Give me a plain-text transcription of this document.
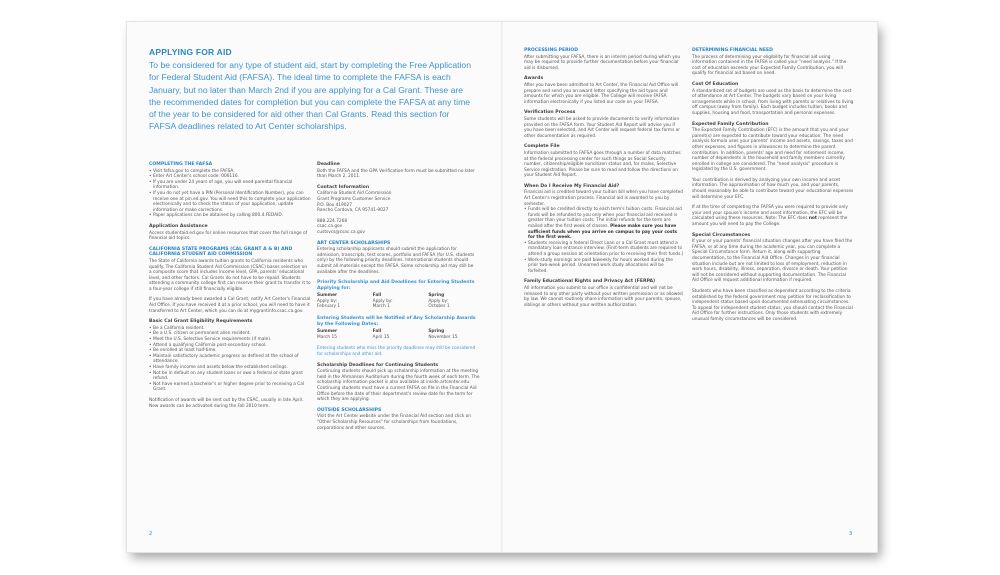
APPLYING FOR AID
To be considered for any type of student aid, start by completing the Free Application for Federal Student Aid (FAFSA). The ideal time to complete the FAFSA is each January, but no later than March 2nd if you are applying for a Cal Grant. These are the recommended dates for completion but you can complete the FAFSA at any time of the year to be considered for aid other than Cal Grants. Read this section for FAFSA deadlines related to Art Center scholarships.
COMPLETING THE FAFSA
• Visit fafsa.gov to complete the FAFSA.
• Enter Art Center's school code: 006116.
• If you are under 24 years of age, you will need parental financial information.
• If you do not yet have a PIN (Personal Identification Number), you can receive one at pin.ed.gov. You will need this to complete your application electronically and to check the status of your application, update information or make corrections.
• Paper applications can be obtained by calling 800.4.FEDAID.
Application Assistance
Access studentaid.ed.gov for online resources that cover the full range of financial aid topics.
CALIFORNIA STATE PROGRAMS (CAL GRANT A & B) AND CALIFORNIA STUDENT AID COMMISSION
The State of California awards tuition grants to California residents who qualify. The California Student Aid Commission (CSAC) bases selection on a composite score that includes income level, GPA, parents' educational level, and other factors. Cal Grants do not have to be repaid. Students attending a community college first can reserve their grant to transfer it to a four-year college if still financially eligible.
If you have already been awarded a Cal Grant, notify Art Center's Financial Aid Office. If you have received it at a prior school, you will need to have it transferred to Art Center, which you can do at mygrantinfo.csac.ca.gov.
Basic Cal Grant Eligibility Requirements
• Be a California resident.
• Be a U.S. citizen or permanent alien resident.
• Meet the U.S. Selective Service requirements (if male).
• Attend a qualifying California post-secondary school.
• Be enrolled at least half-time.
• Maintain satisfactory academic progress as defined at the school of attendance.
• Have family income and assets below the established ceilings.
• Not be in default on any student loans or owe a federal or state grant refund.
• Not have earned a bachelor's or higher degree prior to receiving a Cal Grant.
Notification of awards will be sent out by the CSAC, usually in late April. New awards can be activated during the Fall 2010 term.
Deadline
Both the FAFSA and the GPA Verification form must be submitted no later than March 2, 2011.
Contact Information
California Student Aid Commission
Grant Programs Customer Service
P.O. Box 419027
Rancho Cordova, CA 95741-9027
888.224.7268
csac.ca.gov
custsvcs@csac.ca.gov
ART CENTER SCHOLARSHIPS
Entering scholarship applicants should submit the application for admission, transcripts, test scores, portfolio and FAFSA (for U.S. students only) by the following priority deadlines. International students should submit all materials except the FAFSA. Some scholarship aid may still be available after the deadlines.
Priority Scholarship and Aid Deadlines for Entering Students Applying for:
Summer	Fall	Spring
Apply by:	Apply by:	Apply by:
February 1	March 1	October 1
Entering Students will be Notified of Any Scholarship Awards by the Following Dates:
Summer	Fall	Spring
March 15	April 15	November 15
Entering students who miss the priority deadlines may still be considered for scholarships and other aid.
Scholarship Deadlines for Continuing Students
Continuing students should pick up scholarship information at the meeting held in the Ahmanson Auditorium during the fourth week of each term. The scholarship information packet is also available at inside.artcenter.edu. Continuing students must have a current FAFSA on file in the Financial Aid Office before the date of their department's review date for the term for which they are applying.
OUTSIDE SCHOLARSHIPS
Visit the Art Center website under the Financial Aid section and click on "Other Scholarship Resources" for scholarships from foundations, corporations and other sources.
2
PROCESSING PERIOD
After submitting your FAFSA, there is an interim period during which you may be required to provide further documentation before your financial aid is disbursed.
Awards
After you have been admitted to Art Center, the Financial Aid Office will prepare and send you an award letter specifying the aid types and amounts for which you are eligible. The College will receive FAFSA information electronically if you listed our code on your FAFSA.
Verification Process
Some students will be asked to provide documents to verify information provided on the FAFSA form. Your Student Aid Report will advise you if you have been selected, and Art Center will request federal tax forms or other documentation as required.
Complete File
Information submitted to FAFSA goes through a number of data matches at the federal processing center for such things as Social Security number, citizenship/eligible noncitizen status and, for males, Selective Service registration. Please be sure to read and follow the directions on your Student Aid Report.
When Do I Receive My Financial Aid?
Financial aid is credited toward your tuition bill when you have completed Art Center's registration process. Financial aid is awarded to you by semester.
• Funds will be credited directly to each term's tuition costs. Financial aid funds will be refunded to you only when your financial aid received is greater than your tuition costs. The initial refunds for the term are mailed after the first week of classes. Please make sure you have sufficient funds when you arrive on campus to pay your costs for the first week.
• Students receiving a federal Direct Loan or a Cal Grant must attend a mandatory loan entrance interview. (First-term students are required to attend a group session at orientation prior to receiving their first funds.)
• Work-study earnings are paid biweekly for hours worked during the prior two-week period. Unearned work study allocations will be forfeited.
Family Educational Rights and Privacy Act (FERPA)
All information you submit to our office is confidential and will not be released to any other party without your written permission or as allowed by law. We cannot routinely share information with your parents, spouse, siblings or others without your written authorization.
DETERMINING FINANCIAL NEED
The process of determining your eligibility for financial aid using information contained in the FAFSA is called your "need analysis." If the cost of education exceeds your Expected Family Contribution, you will qualify for financial aid based on need.
Cost Of Education
A standardized set of budgets are used as the basis to determine the cost of attendance at Art Center. The budgets vary based on your living arrangements while in school, from living with parents or relatives to living off campus (away from family). Each budget includes tuition, books and supplies, housing and food, transportation and personal expenses.
Expected Family Contribution
The Expected Family Contribution (EFC) is the amount that you and your parent(s) are expected to contribute toward your education. The need analysis formula uses your parents' income and assets, savings, taxes and other expenses, and figures in allowances to determine the parent contribution. In addition, parents' age and need for retirement income, number of dependents in the household and family members currently enrolled in college are considered. The "need analysis" procedure is legislated by the U.S. government.
Your contribution is derived by analyzing your own income and asset information. The approximation of how much you, and your parents, should reasonably be able to contribute toward your educational expenses will determine your EFC.
If at the time of completing the FAFSA you were required to provide only your and your spouse's income and asset information, the EFC will be calculated using these resources. Note: The EFC does not represent the amount you will need to pay the College.
Special Circumstances
If your or your parents' financial situation changes after you have filed the FAFSA, or at any time during the academic year, you can complete a Special Circumstance form. Return it, along with supporting documentation, to the Financial Aid Office. Changes in your financial situation include but are not limited to loss of employment, reduction in work hours, disability, illness, separation, divorce or death. Your petition will not be considered without supporting documentation. The Financial Aid Office will request additional information if required.
Students who have been classified as dependent according to the criteria established by the federal government may petition for reclassification to independent status based upon documented extenuating circumstances. To appeal for independent student status, you should contact the Financial Aid Office for further instructions. Only those students with extremely unusual family circumstances will be considered.
3
